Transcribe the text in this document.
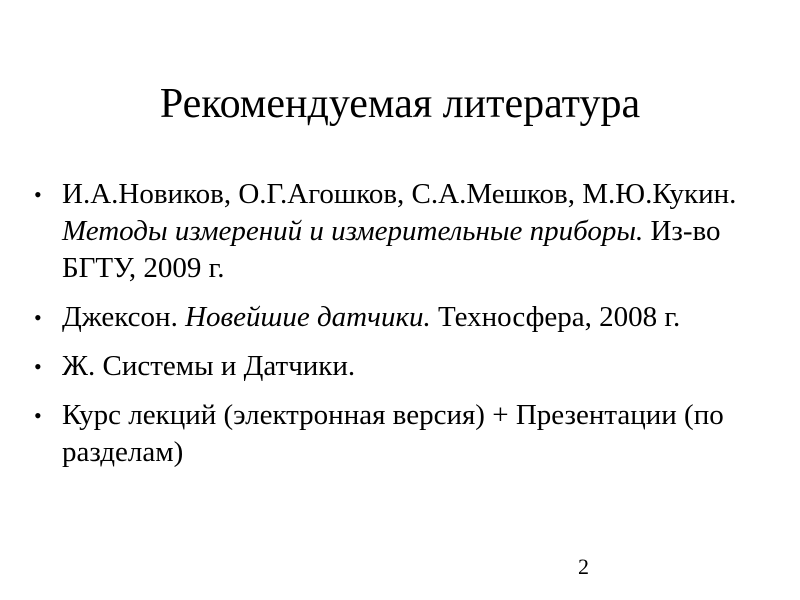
Рекомендуемая литература
• И.А.Новиков, О.Г.Агошков, С.А.Мешков, М.Ю.Кукин. Методы измерений и измерительные приборы. Из-во БГТУ, 2009 г.
• Джексон. Новейшие датчики. Техносфера, 2008 г.
• Ж. Системы и Датчики.
• Курс лекций (электронная версия) + Презентации (по разделам)
2
